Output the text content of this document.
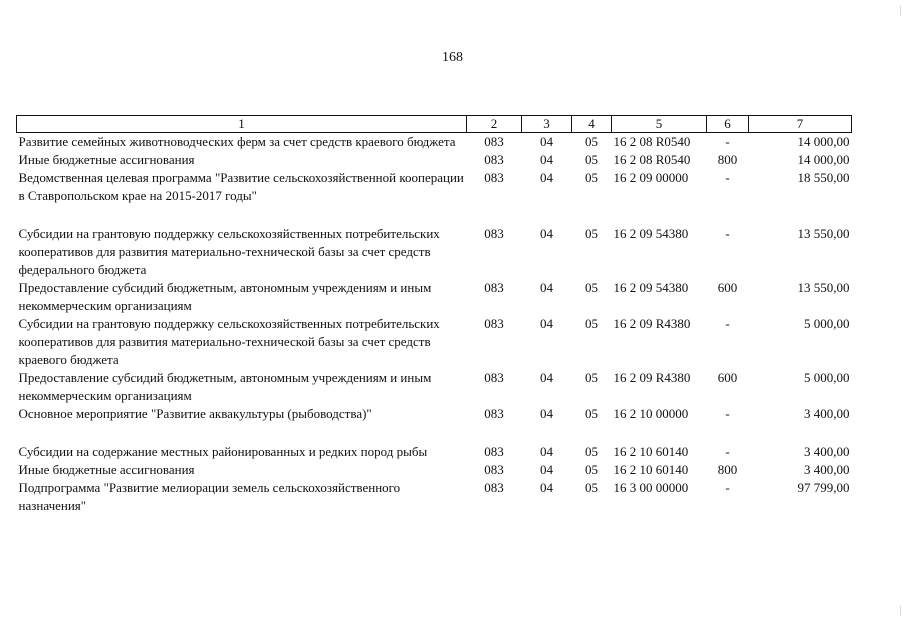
168
1	2	3	4	5	6	7
Развитие семейных животноводческих ферм за счет средств краевого бюджета	083	04	05	16 2 08 R0540	-	14 000,00
Иные бюджетные ассигнования	083	04	05	16 2 08 R0540	800	14 000,00
Ведомственная целевая программа "Развитие сельскохозяйственной кооперации в Ставропольском крае на 2015-2017 годы"	083	04	05	16 2 09 00000	-	18 550,00
Субсидии на грантовую поддержку сельскохозяйственных потребительских кооперативов для развития материально-технической базы за счет средств федерального бюджета	083	04	05	16 2 09 54380	-	13 550,00
Предоставление субсидий бюджетным, автономным учреждениям и иным некоммерческим организациям	083	04	05	16 2 09 54380	600	13 550,00
Субсидии на грантовую поддержку сельскохозяйственных потребительских кооперативов для развития материально-технической базы за счет средств краевого бюджета	083	04	05	16 2 09 R4380	-	5 000,00
Предоставление субсидий бюджетным, автономным учреждениям и иным некоммерческим организациям	083	04	05	16 2 09 R4380	600	5 000,00
Основное мероприятие "Развитие аквакультуры (рыбоводства)"	083	04	05	16 2 10 00000	-	3 400,00
Субсидии на содержание местных районированных и редких пород рыбы	083	04	05	16 2 10 60140	-	3 400,00
Иные бюджетные ассигнования	083	04	05	16 2 10 60140	800	3 400,00
Подпрограмма "Развитие мелиорации земель сельскохозяйственного назначения"	083	04	05	16 3 00 00000	-	97 799,00
